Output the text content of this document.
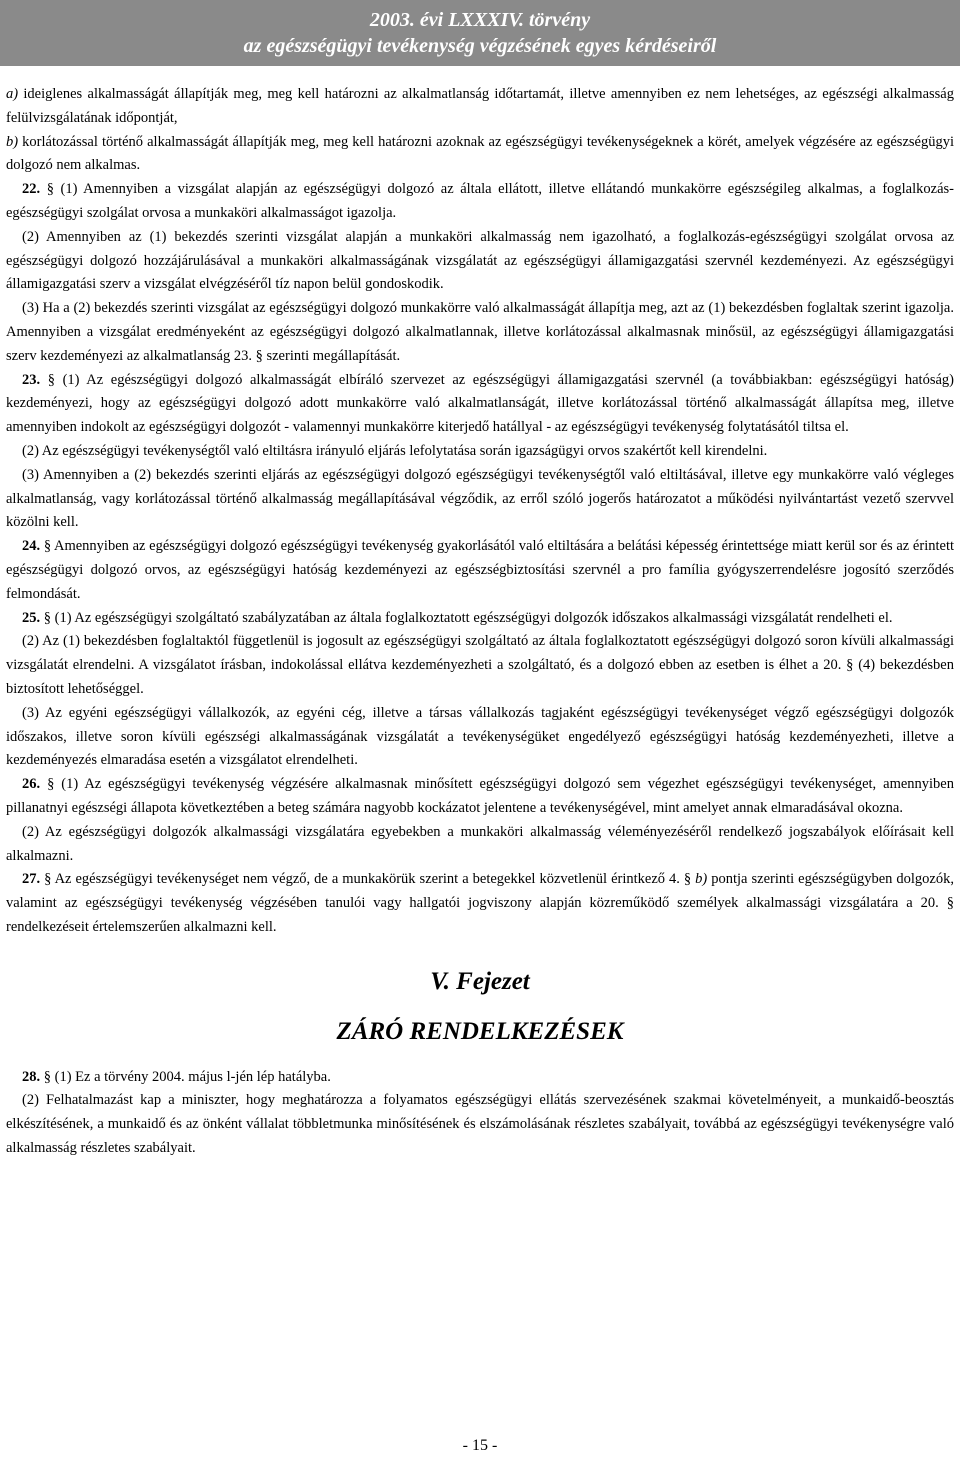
2003. évi LXXXIV. törvény
az egészségügyi tevékenység végzésének egyes kérdéseiről

a) ideiglenes alkalmasságát állapítják meg, meg kell határozni az alkalmatlanság időtartamát, illetve amennyiben ez nem lehetséges, az egészségi alkalmasság felülvizsgálatának időpontját,

b) korlátozással történő alkalmasságát állapítják meg, meg kell határozni azoknak az egészségügyi tevékenységeknek a körét, amelyek végzésére az egészségügyi dolgozó nem alkalmas.

22. § (1) Amennyiben a vizsgálat alapján az egészségügyi dolgozó az általa ellátott, illetve ellátandó munkakörre egészségileg alkalmas, a foglalkozás-egészségügyi szolgálat orvosa a munkaköri alkalmasságot igazolja.

(2) Amennyiben az (1) bekezdés szerinti vizsgálat alapján a munkaköri alkalmasság nem igazolható, a foglalkozás-egészségügyi szolgálat orvosa az egészségügyi dolgozó hozzájárulásával a munkaköri alkalmasságának vizsgálatát az egészségügyi államigazgatási szervnél kezdeményezi. Az egészségügyi államigazgatási szerv a vizsgálat elvégzéséről tíz napon belül gondoskodik.

(3) Ha a (2) bekezdés szerinti vizsgálat az egészségügyi dolgozó munkakörre való alkalmasságát állapítja meg, azt az (1) bekezdésben foglaltak szerint igazolja. Amennyiben a vizsgálat eredményeként az egészségügyi dolgozó alkalmatlannak, illetve korlátozással alkalmasnak minősül, az egészségügyi államigazgatási szerv kezdeményezi az alkalmatlanság 23. § szerinti megállapítását.

23. § (1) Az egészségügyi dolgozó alkalmasságát elbíráló szervezet az egészségügyi államigazgatási szervnél (a továbbiakban: egészségügyi hatóság) kezdeményezi, hogy az egészségügyi dolgozó adott munkakörre való alkalmatlanságát, illetve korlátozással történő alkalmasságát állapítsa meg, illetve amennyiben indokolt az egészségügyi dolgozót - valamennyi munkakörre kiterjedő hatállyal - az egészségügyi tevékenység folytatásától tiltsa el.

(2) Az egészségügyi tevékenységtől való eltiltásra irányuló eljárás lefolytatása során igazságügyi orvos szakértőt kell kirendelni.

(3) Amennyiben a (2) bekezdés szerinti eljárás az egészségügyi dolgozó egészségügyi tevékenységtől való eltiltásával, illetve egy munkakörre való végleges alkalmatlanság, vagy korlátozással történő alkalmasság megállapításával végződik, az erről szóló jogerős határozatot a működési nyilvántartást vezető szervvel közölni kell.

24. § Amennyiben az egészségügyi dolgozó egészségügyi tevékenység gyakorlásától való eltiltására a belátási képesség érintettsége miatt kerül sor és az érintett egészségügyi dolgozó orvos, az egészségügyi hatóság kezdeményezi az egészségbiztosítási szervnél a pro família gyógyszerrendelésre jogosító szerződés felmondását.

25. § (1) Az egészségügyi szolgáltató szabályzatában az általa foglalkoztatott egészségügyi dolgozók időszakos alkalmassági vizsgálatát rendelheti el.

(2) Az (1) bekezdésben foglaltaktól függetlenül is jogosult az egészségügyi szolgáltató az általa foglalkoztatott egészségügyi dolgozó soron kívüli alkalmassági vizsgálatát elrendelni. A vizsgálatot írásban, indokolással ellátva kezdeményezheti a szolgáltató, és a dolgozó ebben az esetben is élhet a 20. § (4) bekezdésben biztosított lehetőséggel.

(3) Az egyéni egészségügyi vállalkozók, az egyéni cég, illetve a társas vállalkozás tagjaként egészségügyi tevékenységet végző egészségügyi dolgozók időszakos, illetve soron kívüli egészségi alkalmasságának vizsgálatát a tevékenységüket engedélyező egészségügyi hatóság kezdeményezheti, illetve a kezdeményezés elmaradása esetén a vizsgálatot elrendelheti.

26. § (1) Az egészségügyi tevékenység végzésére alkalmasnak minősített egészségügyi dolgozó sem végezhet egészségügyi tevékenységet, amennyiben pillanatnyi egészségi állapota következtében a beteg számára nagyobb kockázatot jelentene a tevékenységével, mint amelyet annak elmaradásával okozna.

(2) Az egészségügyi dolgozók alkalmassági vizsgálatára egyebekben a munkaköri alkalmasság véleményezéséről rendelkező jogszabályok előírásait kell alkalmazni.

27. § Az egészségügyi tevékenységet nem végző, de a munkakörük szerint a betegekkel közvetlenül érintkező 4. § b) pontja szerinti egészségügyben dolgozók, valamint az egészségügyi tevékenység végzésében tanulói vagy hallgatói jogviszony alapján közreműködő személyek alkalmassági vizsgálatára a 20. § rendelkezéseit értelemszerűen alkalmazni kell.

V. Fejezet

ZÁRÓ RENDELKEZÉSEK

28. § (1) Ez a törvény 2004. május l-jén lép hatályba.

(2) Felhatalmazást kap a miniszter, hogy meghatározza a folyamatos egészségügyi ellátás szervezésének szakmai követelményeit, a munkaidő-beosztás elkészítésének, a munkaidő és az önként vállalat többletmunka minősítésének és elszámolásának részletes szabályait, továbbá az egészségügyi tevékenységre való alkalmasság részletes szabályait.

- 15 -
